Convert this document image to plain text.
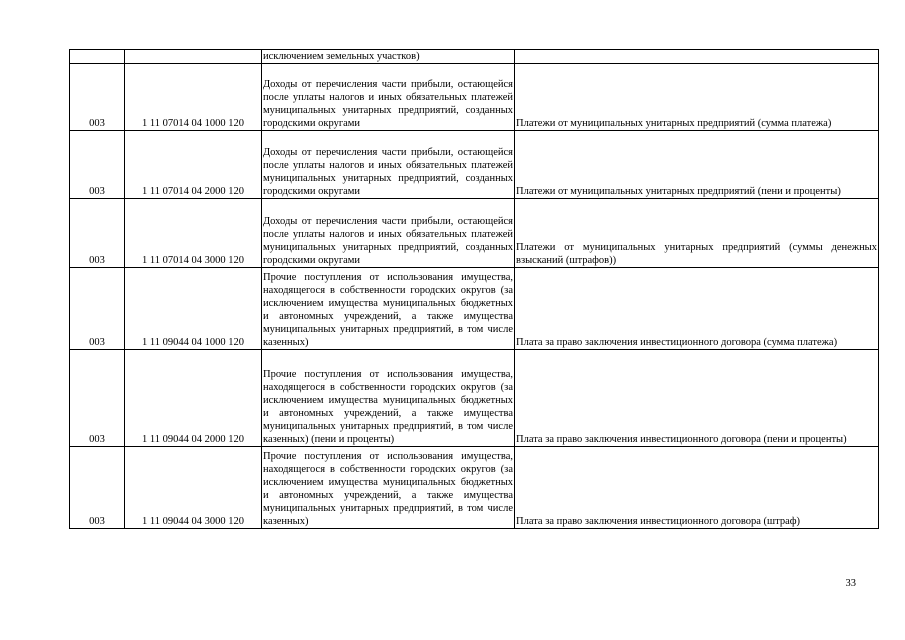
		исключением земельных участков)	
003	1 11 07014 04 1000 120	Доходы от перечисления части прибыли, остающейся после уплаты налогов и иных обязательных платежей муниципальных унитарных предприятий, созданных городскими округами	Платежи от муниципальных унитарных предприятий (сумма платежа)
003	1 11 07014 04 2000 120	Доходы от перечисления части прибыли, остающейся после уплаты налогов и иных обязательных платежей муниципальных унитарных предприятий, созданных городскими округами	Платежи от муниципальных унитарных предприятий (пени и проценты)
003	1 11 07014 04 3000 120	Доходы от перечисления части прибыли, остающейся после уплаты налогов и иных обязательных платежей муниципальных унитарных предприятий, созданных городскими округами	Платежи от муниципальных унитарных предприятий (суммы денежных взысканий (штрафов))
003	1 11 09044 04 1000 120	Прочие поступления от использования имущества, находящегося в собственности городских округов (за исключением имущества муниципальных бюджетных и автономных учреждений, а также имущества муниципальных унитарных предприятий, в том числе казенных)	Плата за право заключения инвестиционного договора (сумма платежа)
003	1 11 09044 04 2000 120	Прочие поступления от использования имущества, находящегося в собственности городских округов (за исключением имущества муниципальных бюджетных и автономных учреждений, а также имущества муниципальных унитарных предприятий, в том числе казенных) (пени и проценты)	Плата за право заключения инвестиционного договора (пени и проценты)
003	1 11 09044 04 3000 120	Прочие поступления от использования имущества, находящегося в собственности городских округов (за исключением имущества муниципальных бюджетных и автономных учреждений, а также имущества муниципальных унитарных предприятий, в том числе казенных)	Плата за право заключения инвестиционного договора (штраф)
33
